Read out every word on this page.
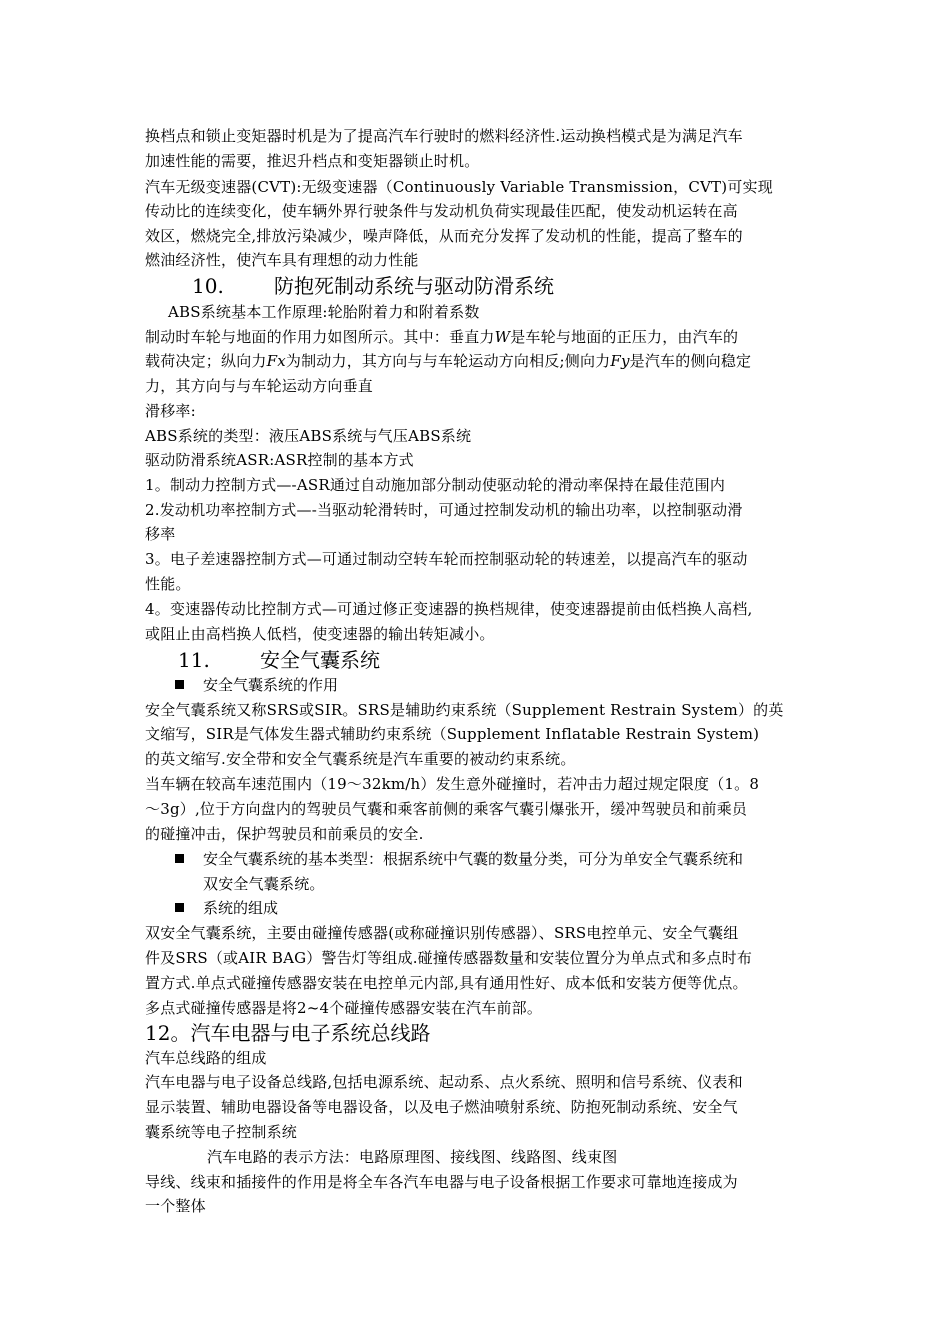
换档点和锁止变矩器时机是为了提高汽车行驶时的燃料经济性.运动换档模式是为满足汽车
加速性能的需要，推迟升档点和变矩器锁止时机。
汽车无级变速器(CVT):无级变速器（Continuously Variable Transmission，CVT)可实现
传动比的连续变化，使车辆外界行驶条件与发动机负荷实现最佳匹配，使发动机运转在高
效区，燃烧完全,排放污染减少，噪声降低，从而充分发挥了发动机的性能，提高了整车的
燃油经济性，使汽车具有理想的动力性能
10.	防抱死制动系统与驱动防滑系统
ABS系统基本工作原理:轮胎附着力和附着系数
制动时车轮与地面的作用力如图所示。其中：垂直力W是车轮与地面的正压力，由汽车的
载荷决定；纵向力Fx为制动力，其方向与与车轮运动方向相反;侧向力Fy是汽车的侧向稳定
力，其方向与与车轮运动方向垂直
滑移率:
ABS系统的类型：液压ABS系统与气压ABS系统
驱动防滑系统ASR:ASR控制的基本方式
1。制动力控制方式—-ASR通过自动施加部分制动使驱动轮的滑动率保持在最佳范围内
2.发动机功率控制方式—-当驱动轮滑转时，可通过控制发动机的输出功率，以控制驱动滑
移率
3。电子差速器控制方式—可通过制动空转车轮而控制驱动轮的转速差，以提高汽车的驱动
性能。
4。变速器传动比控制方式—可通过修正变速器的换档规律，使变速器提前由低档换人高档,
或阻止由高档换人低档，使变速器的输出转矩减小。
11.	安全气囊系统
安全气囊系统的作用
安全气囊系统又称SRS或SIR。SRS是辅助约束系统（Supplement Restrain System）的英
文缩写，SIR是气体发生器式辅助约束系统（Supplement Inflatable Restrain System)
的英文缩写.安全带和安全气囊系统是汽车重要的被动约束系统。
当车辆在较高车速范围内（19～32km/h）发生意外碰撞时，若冲击力超过规定限度（1。8
～3g）,位于方向盘内的驾驶员气囊和乘客前侧的乘客气囊引爆张开，缓冲驾驶员和前乘员
的碰撞冲击，保护驾驶员和前乘员的安全.
安全气囊系统的基本类型：根据系统中气囊的数量分类，可分为单安全气囊系统和
双安全气囊系统。
系统的组成
双安全气囊系统，主要由碰撞传感器(或称碰撞识别传感器）、SRS电控单元、安全气囊组
件及SRS（或AIR BAG）警告灯等组成.碰撞传感器数量和安装位置分为单点式和多点时布
置方式.单点式碰撞传感器安装在电控单元内部,具有通用性好、成本低和安装方便等优点。
多点式碰撞传感器是将2~4个碰撞传感器安装在汽车前部。
12。汽车电器与电子系统总线路
汽车总线路的组成
汽车电器与电子设备总线路,包括电源系统、起动系、点火系统、照明和信号系统、仪表和
显示装置、辅助电器设备等电器设备，以及电子燃油喷射系统、防抱死制动系统、安全气
囊系统等电子控制系统
汽车电路的表示方法：电路原理图、接线图、线路图、线束图
导线、线束和插接件的作用是将全车各汽车电器与电子设备根据工作要求可靠地连接成为
一个整体
